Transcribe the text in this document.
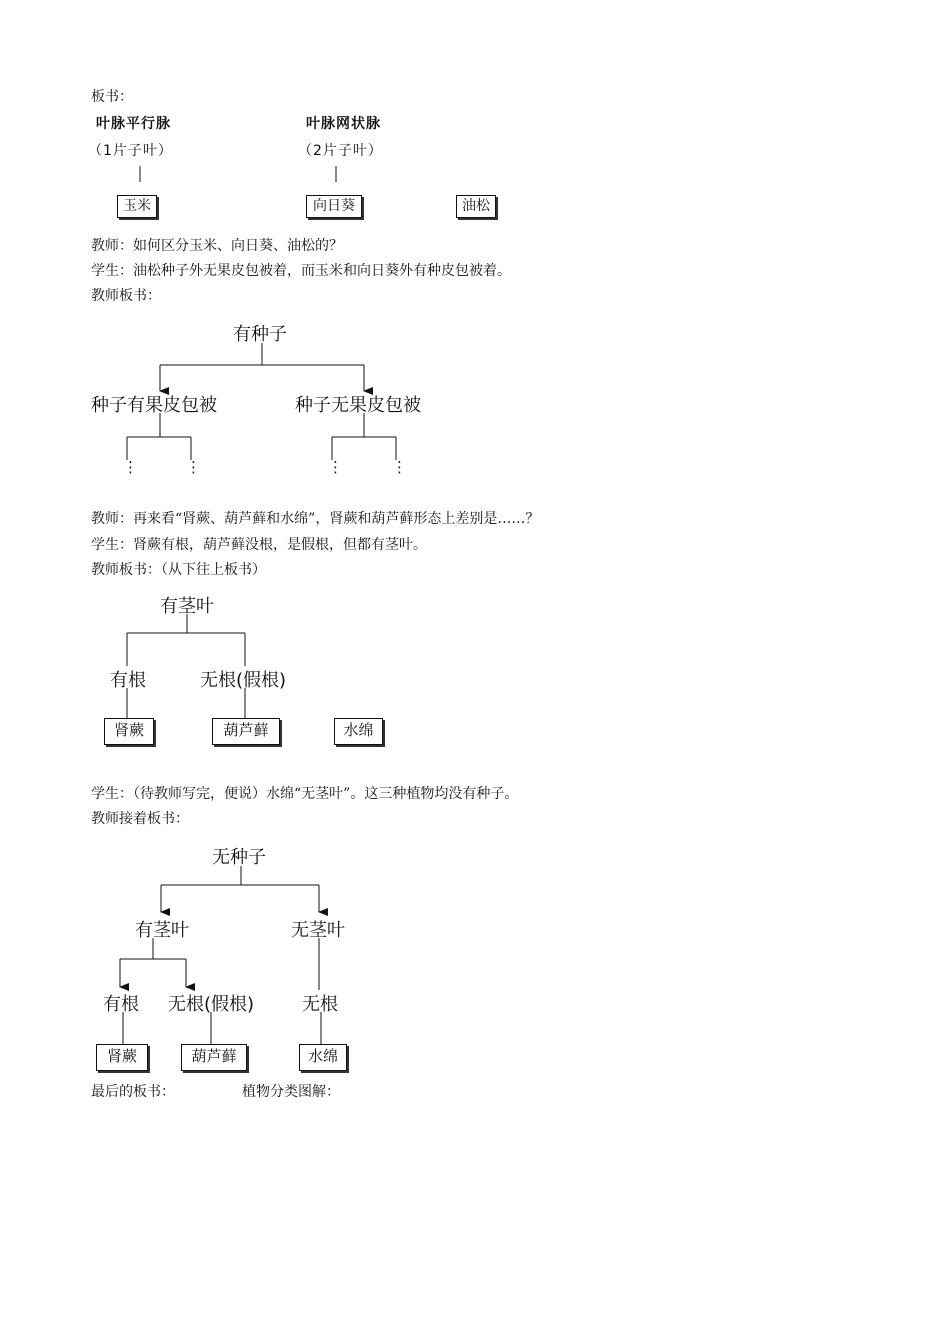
板书：
叶脉平行脉
（1片子叶）
叶脉网状脉
（2片子叶）
玉米	向日葵	油松
教师：如何区分玉米、向日葵、油松的？
学生：油松种子外无果皮包被着，而玉米和向日葵外有种皮包被着。
教师板书：
有种子
种子有果皮包被	种子无果皮包被
⋮	⋮	⋮	⋮
教师：再来看“肾蕨、葫芦藓和水绵”，肾蕨和葫芦藓形态上差别是……？
学生：肾蕨有根，葫芦藓没根，是假根，但都有茎叶。
教师板书：（从下往上板书）
有茎叶
有根	无根(假根)
肾蕨	葫芦藓	水绵
学生：（待教师写完，便说）水绵“无茎叶”。这三种植物均没有种子。
教师接着板书：
无种子
有茎叶	无茎叶
有根 无根(假根)	无根
肾蕨	葫芦藓	水绵
最后的板书：	植物分类图解：
